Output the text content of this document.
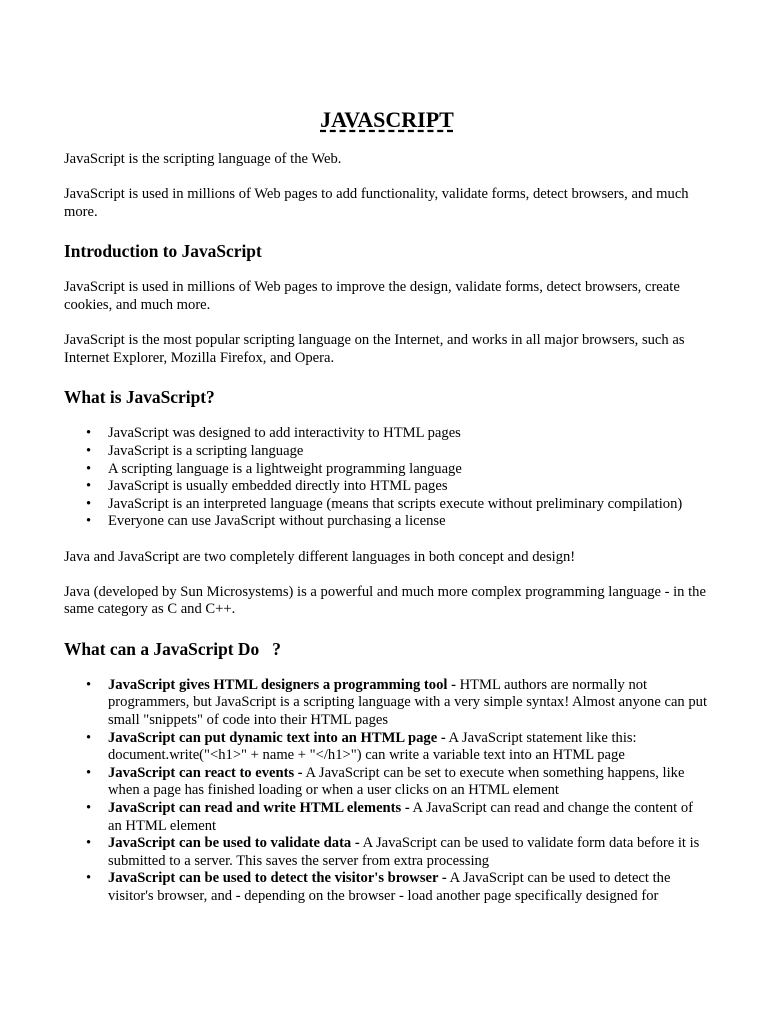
JAVASCRIPT

JavaScript is the scripting language of the Web.

JavaScript is used in millions of Web pages to add functionality, validate forms, detect browsers, and much more.

Introduction to JavaScript

JavaScript is used in millions of Web pages to improve the design, validate forms, detect browsers, create cookies, and much more.

JavaScript is the most popular scripting language on the Internet, and works in all major browsers, such as Internet Explorer, Mozilla Firefox, and Opera.

What is JavaScript?
• JavaScript was designed to add interactivity to HTML pages
• JavaScript is a scripting language
• A scripting language is a lightweight programming language
• JavaScript is usually embedded directly into HTML pages
• JavaScript is an interpreted language (means that scripts execute without preliminary compilation)
• Everyone can use JavaScript without purchasing a license

Java and JavaScript are two completely different languages in both concept and design!

Java (developed by Sun Microsystems) is a powerful and much more complex programming language - in the same category as C and C++.

What can a JavaScript Do   ?
• JavaScript gives HTML designers a programming tool - HTML authors are normally not programmers, but JavaScript is a scripting language with a very simple syntax! Almost anyone can put small "snippets" of code into their HTML pages
• JavaScript can put dynamic text into an HTML page - A JavaScript statement like this: document.write("<h1>" + name + "</h1>") can write a variable text into an HTML page
• JavaScript can react to events - A JavaScript can be set to execute when something happens, like when a page has finished loading or when a user clicks on an HTML element
• JavaScript can read and write HTML elements - A JavaScript can read and change the content of an HTML element
• JavaScript can be used to validate data - A JavaScript can be used to validate form data before it is submitted to a server. This saves the server from extra processing
• JavaScript can be used to detect the visitor's browser - A JavaScript can be used to detect the visitor's browser, and - depending on the browser - load another page specifically designed for
